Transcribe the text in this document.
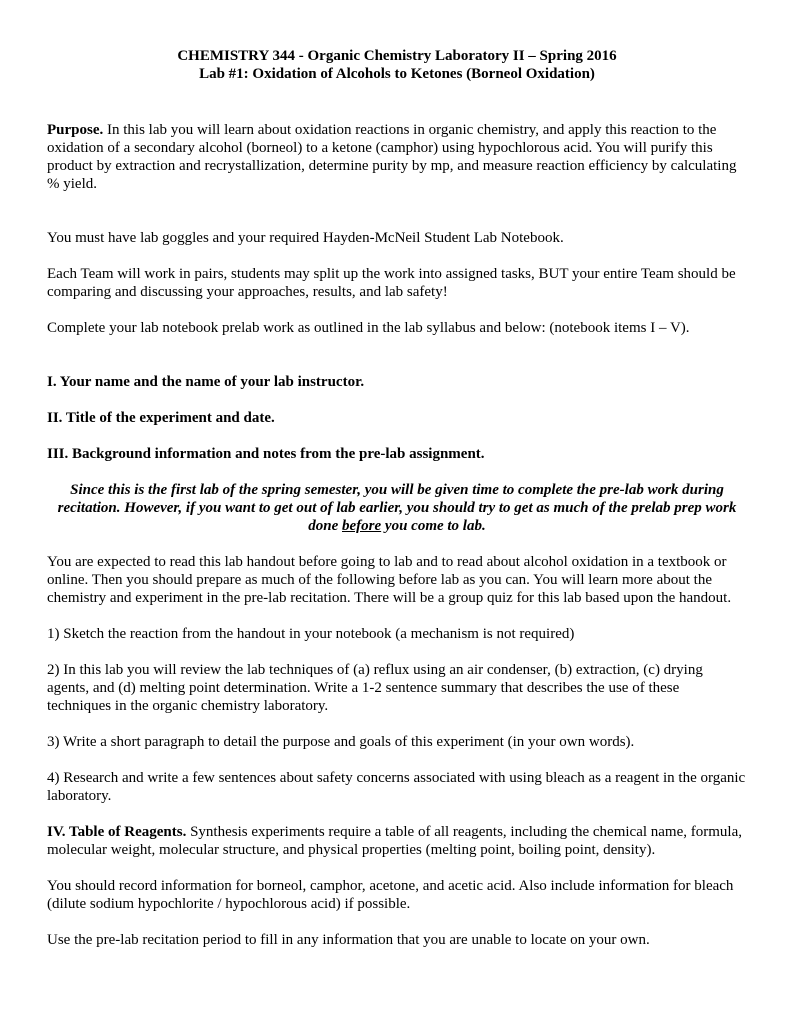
CHEMISTRY 344 - Organic Chemistry Laboratory II – Spring 2016

Lab #1: Oxidation of Alcohols to Ketones (Borneol Oxidation)

Purpose. In this lab you will learn about oxidation reactions in organic chemistry, and apply this reaction to the oxidation of a secondary alcohol (borneol) to a ketone (camphor) using hypochlorous acid. You will purify this product by extraction and recrystallization, determine purity by mp, and measure reaction efficiency by calculating % yield.

You must have lab goggles and your required Hayden-McNeil Student Lab Notebook.

Each Team will work in pairs, students may split up the work into assigned tasks, BUT your entire Team should be comparing and discussing your approaches, results, and lab safety!

Complete your lab notebook prelab work as outlined in the lab syllabus and below: (notebook items I – V).

I. Your name and the name of your lab instructor.

II. Title of the experiment and date.

III. Background information and notes from the pre-lab assignment.

Since this is the first lab of the spring semester, you will be given time to complete the pre-lab work during recitation. However, if you want to get out of lab earlier, you should try to get as much of the prelab prep work done before you come to lab.

You are expected to read this lab handout before going to lab and to read about alcohol oxidation in a textbook or online. Then you should prepare as much of the following before lab as you can. You will learn more about the chemistry and experiment in the pre-lab recitation. There will be a group quiz for this lab based upon the handout.

1) Sketch the reaction from the handout in your notebook (a mechanism is not required)

2) In this lab you will review the lab techniques of (a) reflux using an air condenser, (b) extraction, (c) drying agents, and (d) melting point determination. Write a 1-2 sentence summary that describes the use of these techniques in the organic chemistry laboratory.

3) Write a short paragraph to detail the purpose and goals of this experiment (in your own words).

4) Research and write a few sentences about safety concerns associated with using bleach as a reagent in the organic laboratory.

IV. Table of Reagents. Synthesis experiments require a table of all reagents, including the chemical name, formula, molecular weight, molecular structure, and physical properties (melting point, boiling point, density).

You should record information for borneol, camphor, acetone, and acetic acid. Also include information for bleach (dilute sodium hypochlorite / hypochlorous acid) if possible.

Use the pre-lab recitation period to fill in any information that you are unable to locate on your own.
